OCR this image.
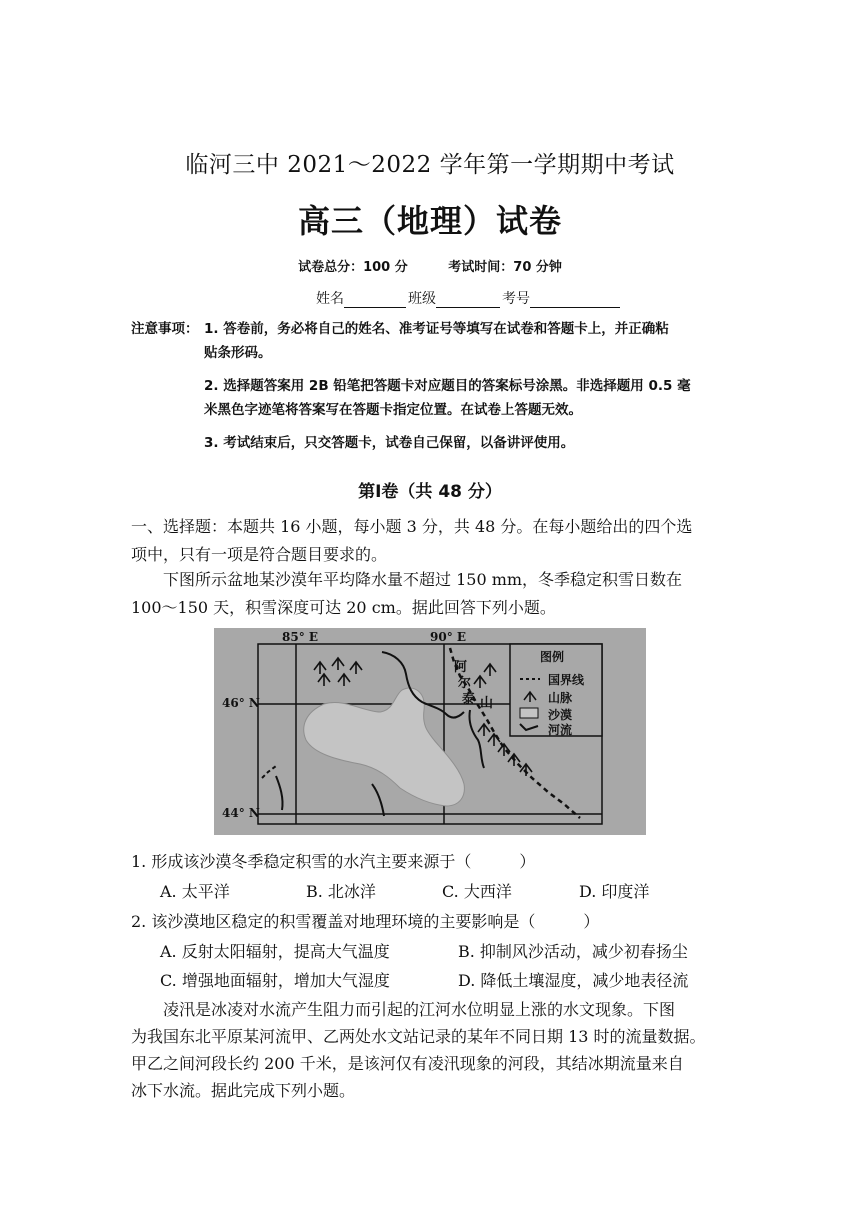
临河三中 2021～2022 学年第一学期期中考试
高三（地理）试卷
试卷总分：100 分	考试时间：70 分钟
姓名	班级	考号
注意事项： 1. 答卷前，务必将自己的姓名、准考证号等填写在试卷和答题卡上，并正确粘
贴条形码。
2. 选择题答案用 2B 铅笔把答题卡对应题目的答案标号涂黑。非选择题用 0.5 毫
米黑色字迹笔将答案写在答题卡指定位置。在试卷上答题无效。
3. 考试结束后，只交答题卡，试卷自己保留，以备讲评使用。
第Ⅰ卷（共 48 分）
一、选择题：本题共 16 小题，每小题 3 分，共 48 分。在每小题给出的四个选
项中，只有一项是符合题目要求的。
下图所示盆地某沙漠年平均降水量不超过 150 mm，冬季稳定积雪日数在
100～150 天，积雪深度可达 20 cm。据此回答下列小题。
85° E	90° E
46° N
44° N
阿
尔
泰 山
图例
国界线
山脉
沙漠
河流
1. 形成该沙漠冬季稳定积雪的水汽主要来源于（　　　）
A. 太平洋	B. 北冰洋	C. 大西洋	D. 印度洋
2. 该沙漠地区稳定的积雪覆盖对地理环境的主要影响是（　　　）
A. 反射太阳辐射，提高大气温度	B. 抑制风沙活动，减少初春扬尘
C. 增强地面辐射，增加大气湿度	D. 降低土壤湿度，减少地表径流
凌汛是冰凌对水流产生阻力而引起的江河水位明显上涨的水文现象。下图
为我国东北平原某河流甲、乙两处水文站记录的某年不同日期 13 时的流量数据。
甲乙之间河段长约 200 千米，是该河仅有凌汛现象的河段，其结冰期流量来自
冰下水流。据此完成下列小题。
